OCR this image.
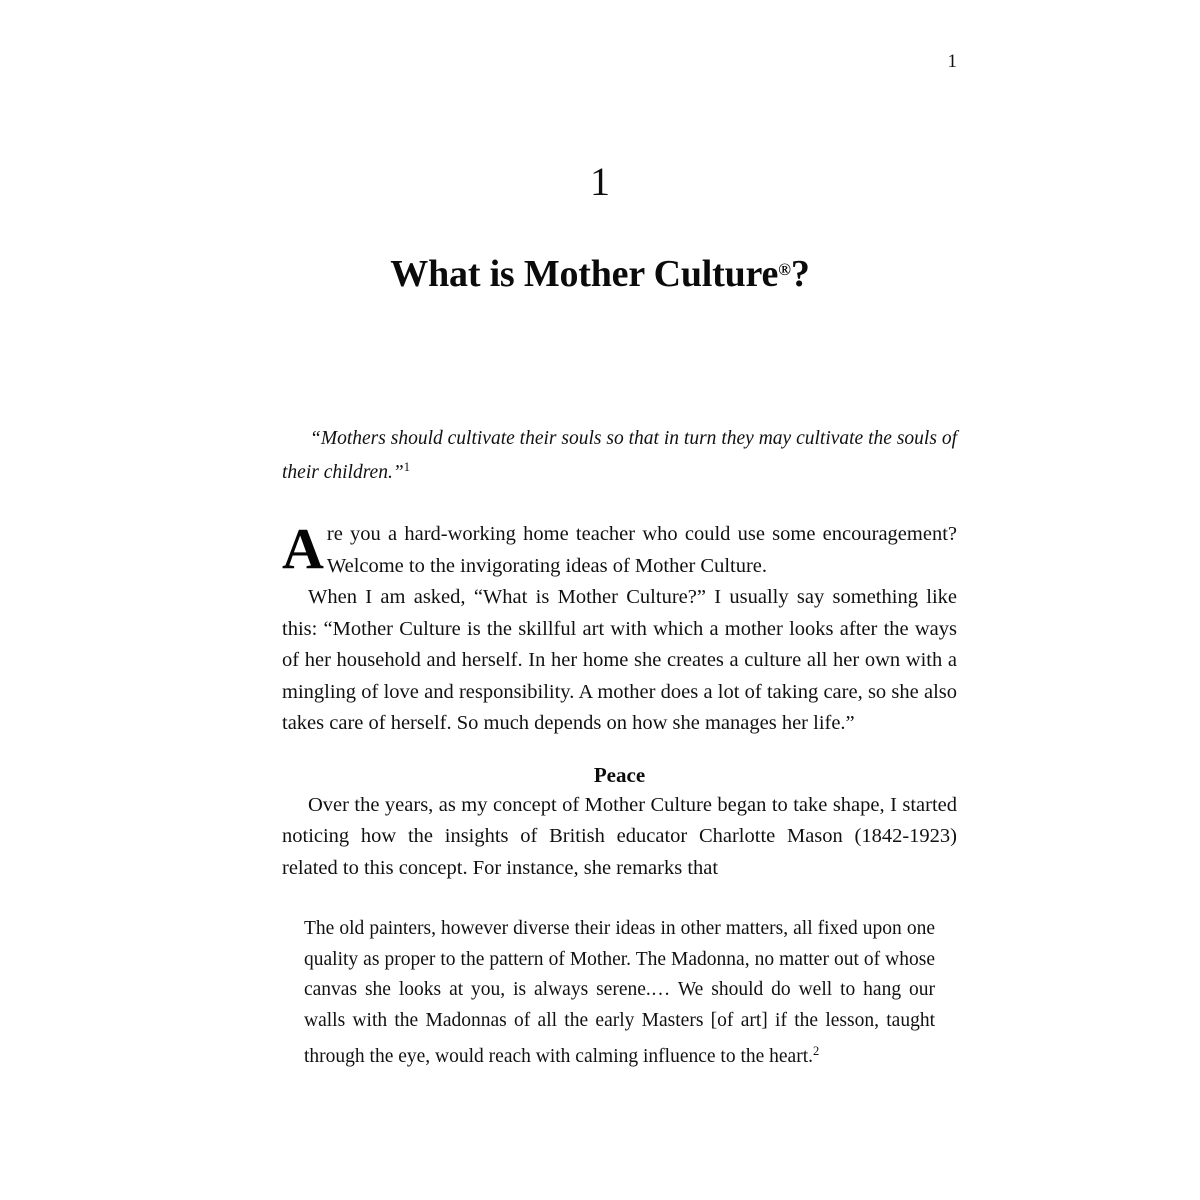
1
1
What is Mother Culture®?

“Mothers should cultivate their souls so that in turn they may cultivate the souls of their children.”$^1$

Are you a hard-working home teacher who could use some encouragement? Welcome to the invigorating ideas of Mother Culture.

When I am asked, “What is Mother Culture?” I usually say something like this: “Mother Culture is the skillful art with which a mother looks after the ways of her household and herself. In her home she creates a culture all her own with a mingling of love and responsibility. A mother does a lot of taking care, so she also takes care of herself. So much depends on how she manages her life.”

Peace

Over the years, as my concept of Mother Culture began to take shape, I started noticing how the insights of British educator Charlotte Mason (1842-1923) related to this concept. For instance, she remarks that

The old painters, however diverse their ideas in other matters, all fixed upon one quality as proper to the pattern of Mother. The Madonna, no matter out of whose canvas she looks at you, is always serene.… We should do well to hang our walls with the Madonnas of all the early Masters [of art] if the lesson, taught through the eye, would reach with calming influence to the heart.$^2$
